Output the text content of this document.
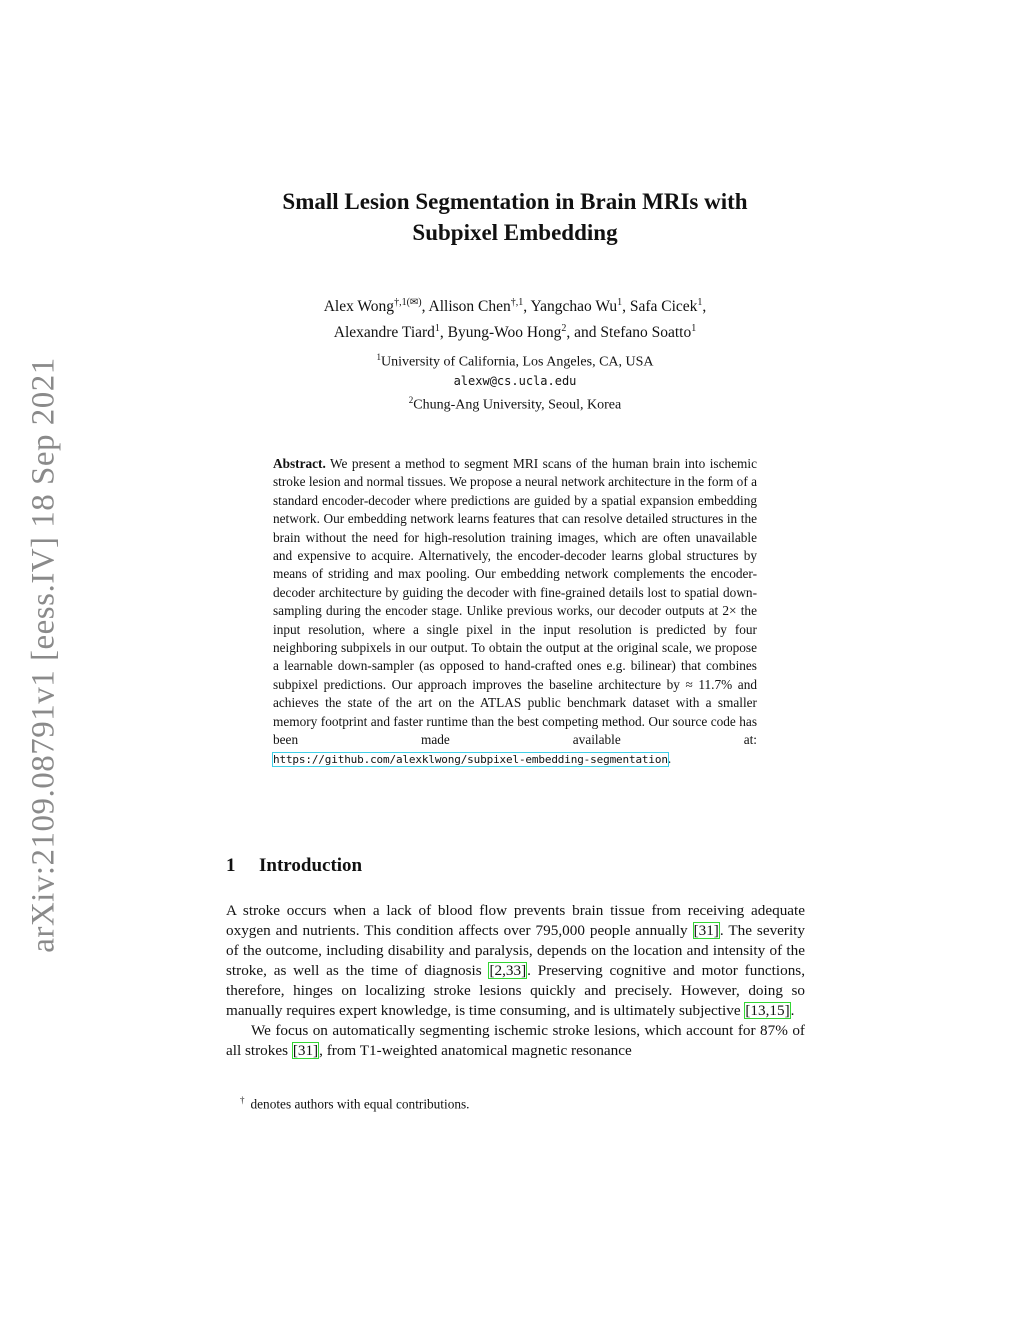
arXiv:2109.08791v1 [eess.IV] 18 Sep 2021
Small Lesion Segmentation in Brain MRIs with
Subpixel Embedding
Alex Wong$^{\dagger,1(✉)}$, Allison Chen$^{\dagger,1}$, Yangchao Wu$^1$, Safa Cicek$^1$,
Alexandre Tiard$^1$, Byung-Woo Hong$^2$, and Stefano Soatto$^1$
$^1$University of California, Los Angeles, CA, USA
alexw@cs.ucla.edu
$^2$Chung-Ang University, Seoul, Korea
Abstract. We present a method to segment MRI scans of the human brain into ischemic stroke lesion and normal tissues. We propose a neural network architecture in the form of a standard encoder-decoder where predictions are guided by a spatial expansion embedding network. Our embedding network learns features that can resolve detailed structures in the brain without the need for high-resolution training images, which are often unavailable and expensive to acquire. Alternatively, the encoder-decoder learns global structures by means of striding and max pooling. Our embedding network complements the encoder-decoder architecture by guiding the decoder with fine-grained details lost to spatial down-sampling during the encoder stage. Unlike previous works, our decoder outputs at 2× the input resolution, where a single pixel in the input resolution is predicted by four neighboring subpixels in our output. To obtain the output at the original scale, we propose a learnable down-sampler (as opposed to hand-crafted ones e.g. bilinear) that combines subpixel predictions. Our approach improves the baseline architecture by ≈ 11.7% and achieves the state of the art on the ATLAS public benchmark dataset with a smaller memory footprint and faster runtime than the best competing method. Our source code has been made available at: https://github.com/alexklwong/subpixel-embedding-segmentation.
1 Introduction

A stroke occurs when a lack of blood flow prevents brain tissue from receiving adequate oxygen and nutrients. This condition affects over 795,000 people annually [31]. The severity of the outcome, including disability and paralysis, depends on the location and intensity of the stroke, as well as the time of diagnosis [2,33]. Preserving cognitive and motor functions, therefore, hinges on localizing stroke lesions quickly and precisely. However, doing so manually requires expert knowledge, is time consuming, and is ultimately subjective [13,15].

We focus on automatically segmenting ischemic stroke lesions, which account for 87% of all strokes [31], from T1-weighted anatomical magnetic resonance

† denotes authors with equal contributions.
